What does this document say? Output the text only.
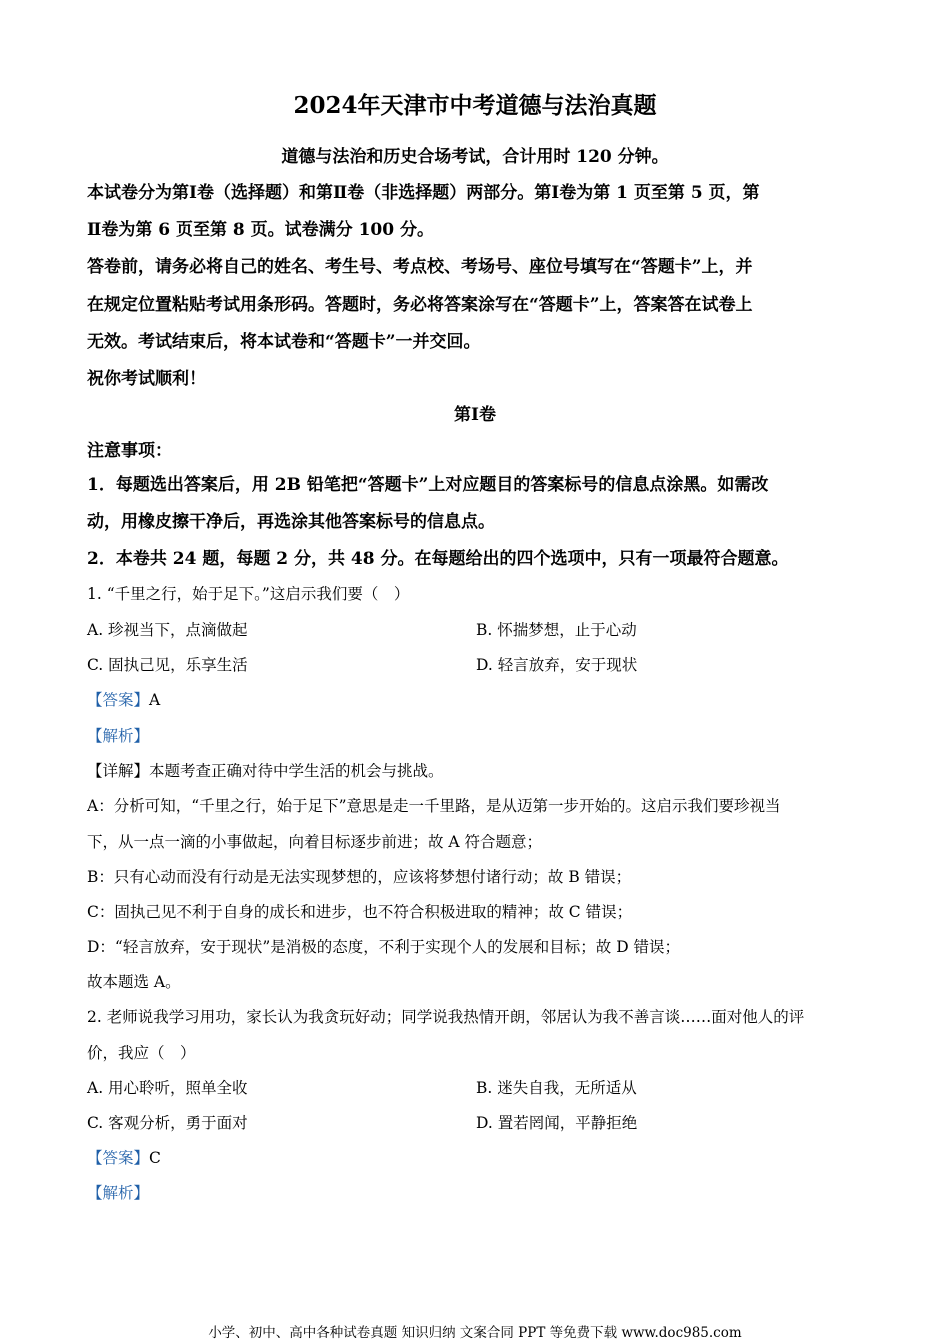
2024年天津市中考道德与法治真题
道德与法治和历史合场考试，合计用时 120 分钟。
本试卷分为第Ⅰ卷（选择题）和第Ⅱ卷（非选择题）两部分。第Ⅰ卷为第 1 页至第 5 页，第
Ⅱ卷为第 6 页至第 8 页。试卷满分 100 分。
答卷前，请务必将自己的姓名、考生号、考点校、考场号、座位号填写在“答题卡”上，并
在规定位置粘贴考试用条形码。答题时，务必将答案涂写在“答题卡”上，答案答在试卷上
无效。考试结束后，将本试卷和“答题卡”一并交回。
祝你考试顺利！
第Ⅰ卷
注意事项：
1．每题选出答案后，用 2B 铅笔把“答题卡”上对应题目的答案标号的信息点涂黑。如需改
动，用橡皮擦干净后，再选涂其他答案标号的信息点。
2．本卷共 24 题，每题 2 分，共 48 分。在每题给出的四个选项中，只有一项最符合题意。
1. “千里之行，始于足下。”这启示我们要（　）
A. 珍视当下，点滴做起	B. 怀揣梦想，止于心动
C. 固执己见，乐享生活	D. 轻言放弃，安于现状
【答案】A
【解析】
【详解】本题考查正确对待中学生活的机会与挑战。
A：分析可知，“千里之行，始于足下”意思是走一千里路，是从迈第一步开始的。这启示我们要珍视当
下，从一点一滴的小事做起，向着目标逐步前进；故 A 符合题意；
B：只有心动而没有行动是无法实现梦想的，应该将梦想付诸行动；故 B 错误；
C：固执己见不利于自身的成长和进步，也不符合积极进取的精神；故 C 错误；
D：“轻言放弃，安于现状”是消极的态度，不利于实现个人的发展和目标；故 D 错误；
故本题选 A。
2. 老师说我学习用功，家长认为我贪玩好动；同学说我热情开朗，邻居认为我不善言谈……面对他人的评
价，我应（　）
A. 用心聆听，照单全收	B. 迷失自我，无所适从
C. 客观分析，勇于面对	D. 置若罔闻，平静拒绝
【答案】C
【解析】
小学、初中、高中各种试卷真题 知识归纳 文案合同 PPT 等免费下载 www.doc985.com
